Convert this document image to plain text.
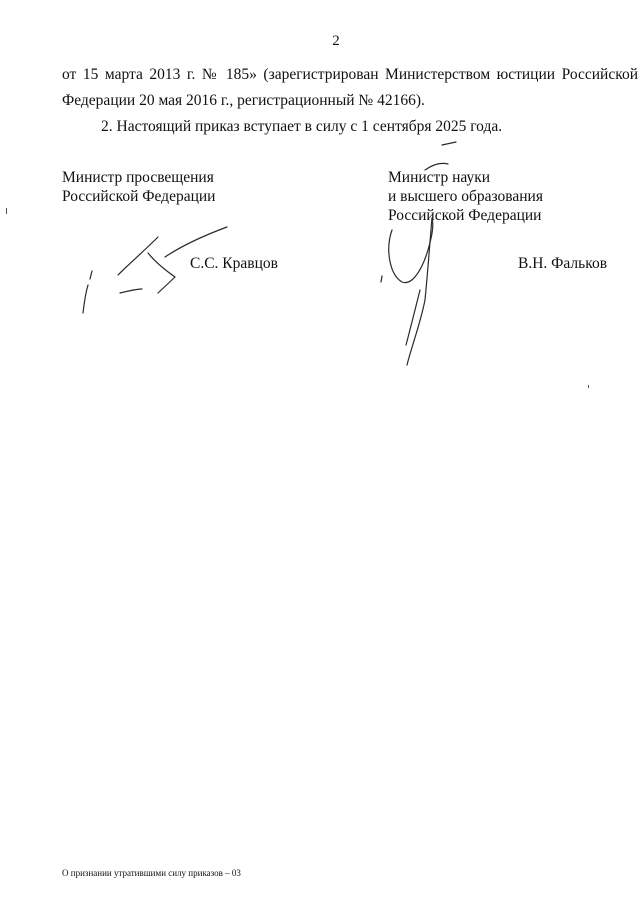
2
от 15 марта 2013 г. № 185» (зарегистрирован Министерством юстиции Российской
Федерации 20 мая 2016 г., регистрационный № 42166).
2. Настоящий приказ вступает в силу с 1 сентября 2025 года.
Министр просвещения
Российской Федерации
Министр науки
и высшего образования
Российской Федерации
С.С. Кравцов	В.Н. Фальков
О признании утратившими силу приказов – 03
